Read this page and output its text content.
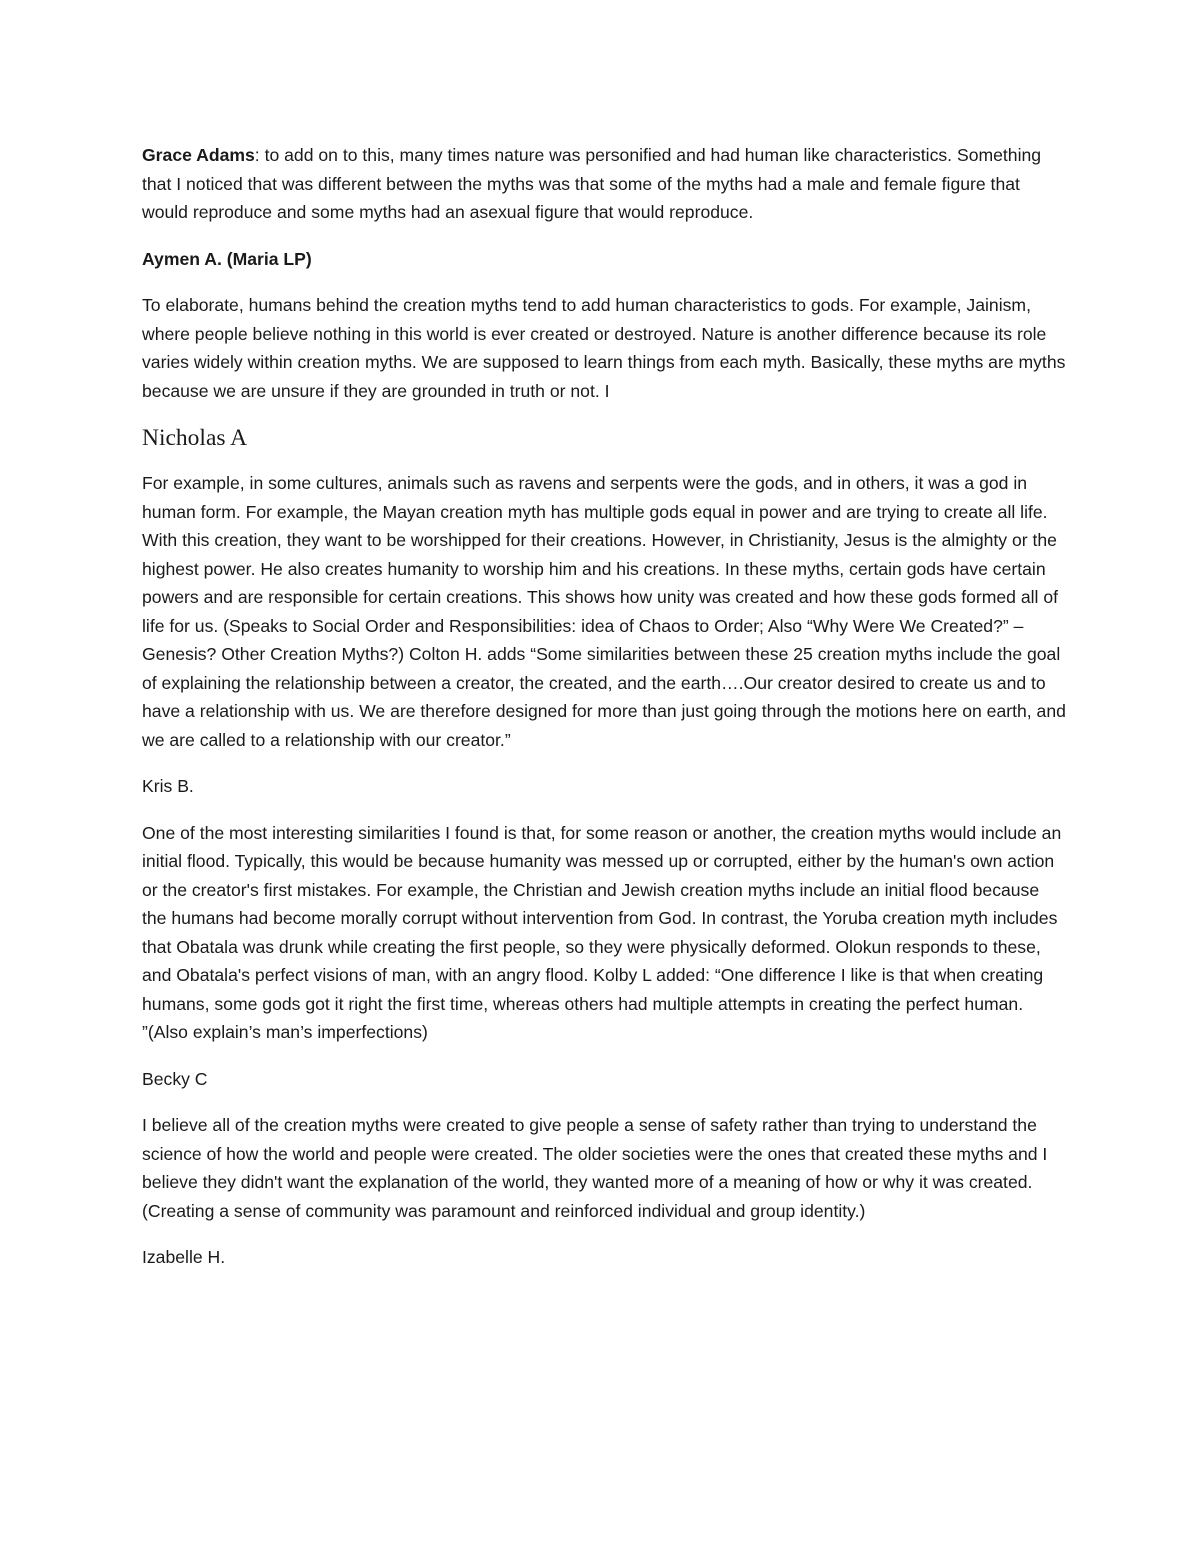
Grace Adams: to add on to this, many times nature was personified and had human like characteristics. Something that I noticed that was different between the myths was that some of the myths had a male and female figure that would reproduce and some myths had an asexual figure that would reproduce.

Aymen A. (Maria LP)

To elaborate, humans behind the creation myths tend to add human characteristics to gods. For example, Jainism, where people believe nothing in this world is ever created or destroyed. Nature is another difference because its role varies widely within creation myths. We are supposed to learn things from each myth. Basically, these myths are myths because we are unsure if they are grounded in truth or not. I

Nicholas A

For example, in some cultures, animals such as ravens and serpents were the gods, and in others, it was a god in human form. For example, the Mayan creation myth has multiple gods equal in power and are trying to create all life. With this creation, they want to be worshipped for their creations. However, in Christianity, Jesus is the almighty or the highest power. He also creates humanity to worship him and his creations. In these myths, certain gods have certain powers and are responsible for certain creations. This shows how unity was created and how these gods formed all of life for us. (Speaks to Social Order and Responsibilities: idea of Chaos to Order; Also “Why Were We Created?” –Genesis? Other Creation Myths?) Colton H. adds “Some similarities between these 25 creation myths include the goal of explaining the relationship between a creator, the created, and the earth….Our creator desired to create us and to have a relationship with us. We are therefore designed for more than just going through the motions here on earth, and we are called to a relationship with our creator.”

Kris B.

One of the most interesting similarities I found is that, for some reason or another, the creation myths would include an initial flood. Typically, this would be because humanity was messed up or corrupted, either by the human's own action or the creator's first mistakes. For example, the Christian and Jewish creation myths include an initial flood because the humans had become morally corrupt without intervention from God. In contrast, the Yoruba creation myth includes that Obatala was drunk while creating the first people, so they were physically deformed. Olokun responds to these, and Obatala's perfect visions of man, with an angry flood. Kolby L added: “One difference I like is that when creating humans, some gods got it right the first time, whereas others had multiple attempts in creating the perfect human. ”(Also explain’s man’s imperfections)

Becky C

I believe all of the creation myths were created to give people a sense of safety rather than trying to understand the science of how the world and people were created. The older societies were the ones that created these myths and I believe they didn't want the explanation of the world, they wanted more of a meaning of how or why it was created. (Creating a sense of community was paramount and reinforced individual and group identity.)

Izabelle H.
